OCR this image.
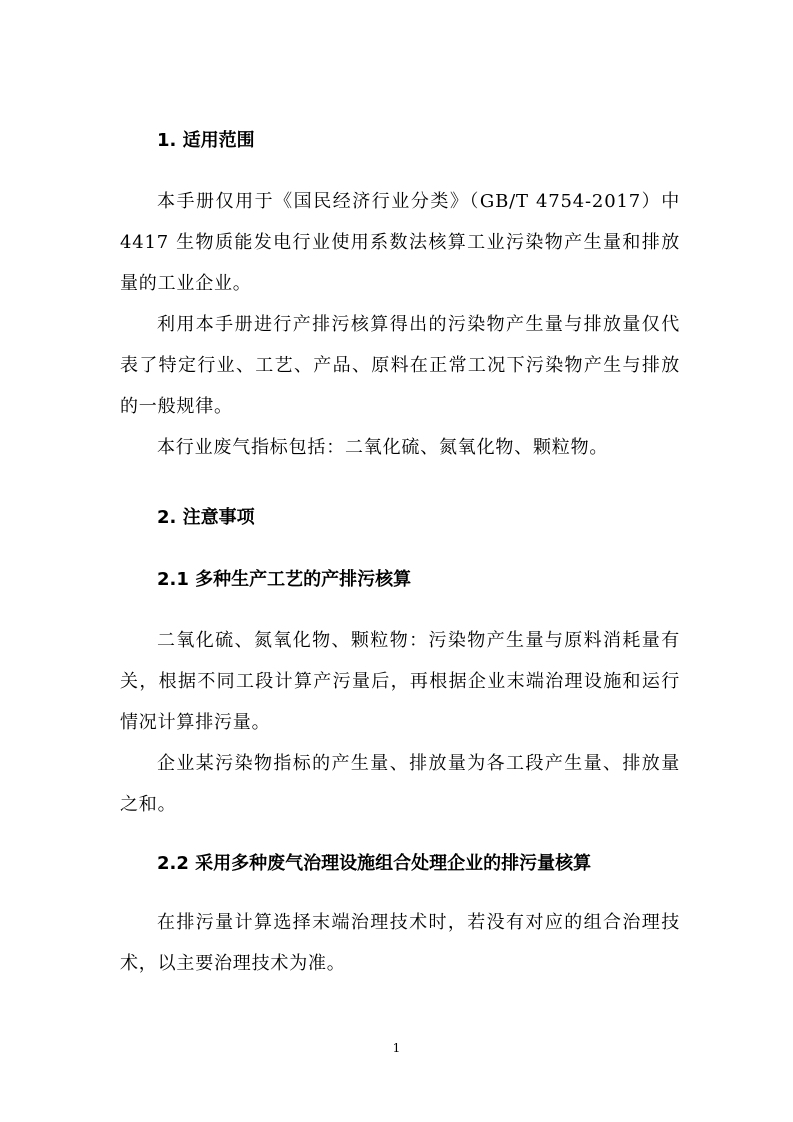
1. 适用范围

本手册仅用于《国民经济行业分类》（GB/T 4754-2017）中 4417 生物质能发电行业使用系数法核算工业污染物产生量和排放量的工业企业。

利用本手册进行产排污核算得出的污染物产生量与排放量仅代表了特定行业、工艺、产品、原料在正常工况下污染物产生与排放的一般规律。

本行业废气指标包括：二氧化硫、氮氧化物、颗粒物。

2. 注意事项
2.1 多种生产工艺的产排污核算

二氧化硫、氮氧化物、颗粒物：污染物产生量与原料消耗量有关，根据不同工段计算产污量后，再根据企业末端治理设施和运行情况计算排污量。

企业某污染物指标的产生量、排放量为各工段产生量、排放量之和。

2.2 采用多种废气治理设施组合处理企业的排污量核算

在排污量计算选择末端治理技术时，若没有对应的组合治理技术，以主要治理技术为准。

1
